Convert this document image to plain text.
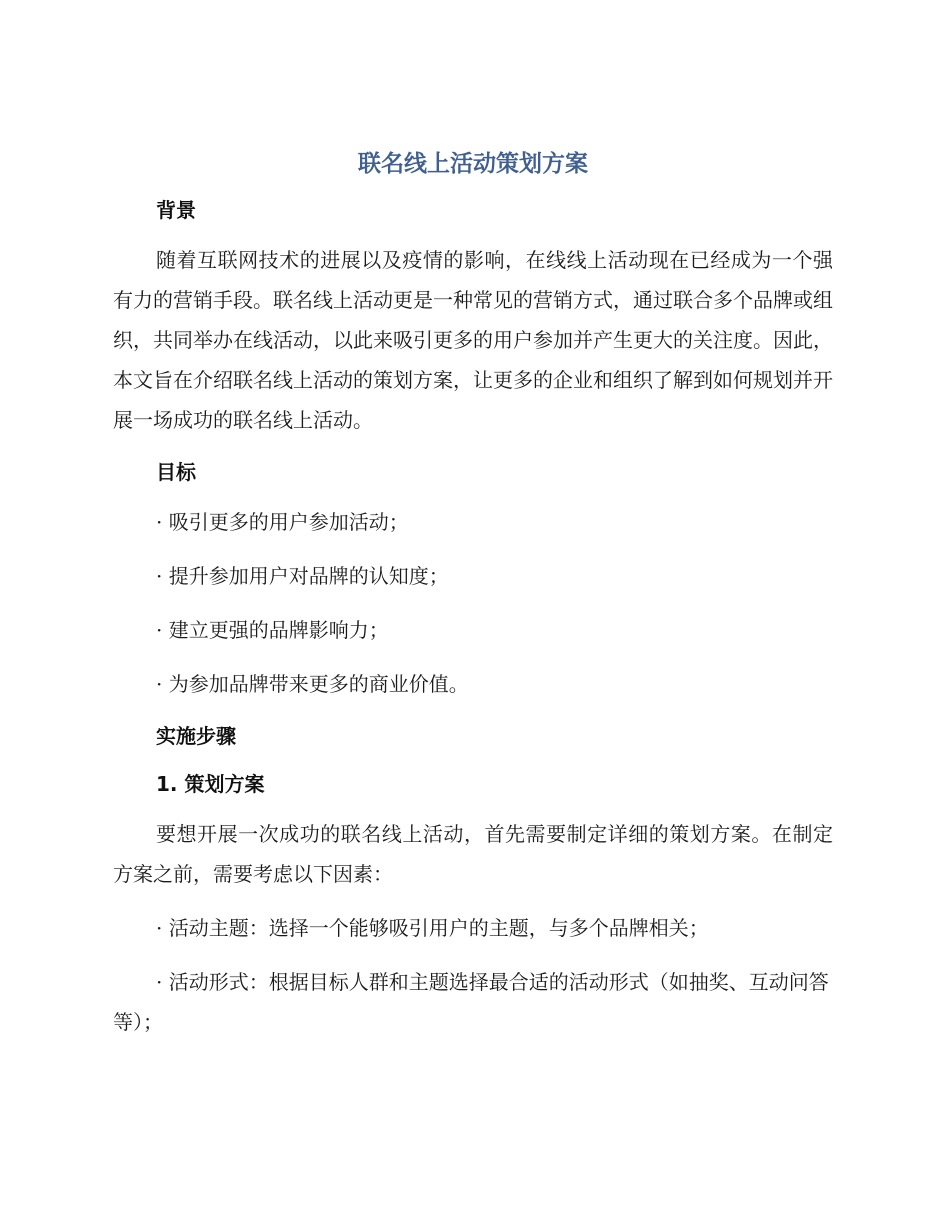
联名线上活动策划方案
背景

随着互联网技术的进展以及疫情的影响，在线线上活动现在已经成为一个强有力的营销手段。联名线上活动更是一种常见的营销方式，通过联合多个品牌或组织，共同举办在线活动，以此来吸引更多的用户参加并产生更大的关注度。因此，本文旨在介绍联名线上活动的策划方案，让更多的企业和组织了解到如何规划并开展一场成功的联名线上活动。

目标

· 吸引更多的用户参加活动；

· 提升参加用户对品牌的认知度；

· 建立更强的品牌影响力；

· 为参加品牌带来更多的商业价值。

实施步骤
1. 策划方案

要想开展一次成功的联名线上活动，首先需要制定详细的策划方案。在制定方案之前，需要考虑以下因素：

· 活动主题：选择一个能够吸引用户的主题，与多个品牌相关；

· 活动形式：根据目标人群和主题选择最合适的活动形式（如抽奖、互动问答等）；
